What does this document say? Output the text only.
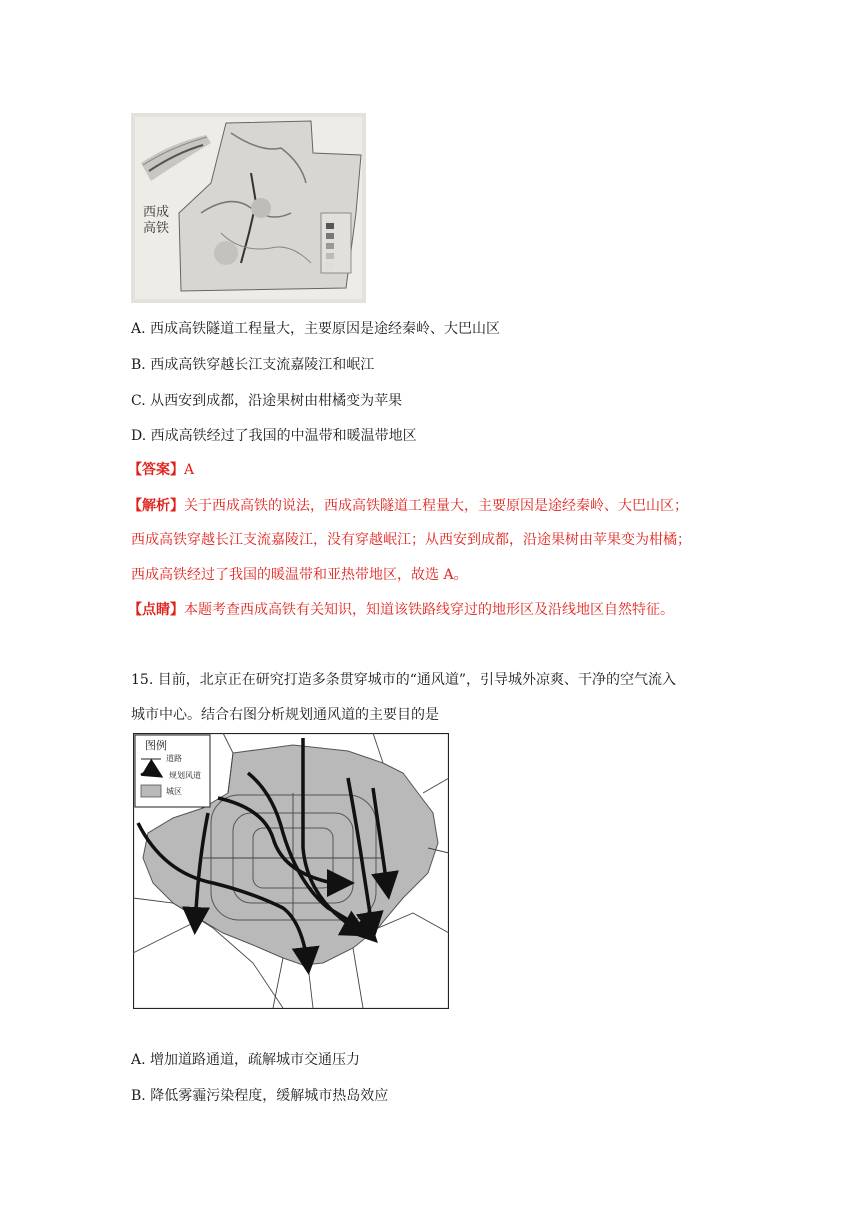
西成
高铁
A. 西成高铁隧道工程量大，主要原因是途经秦岭、大巴山区
B. 西成高铁穿越长江支流嘉陵江和岷江
C. 从西安到成都，沿途果树由柑橘变为苹果
D. 西成高铁经过了我国的中温带和暖温带地区
【答案】A
【解析】关于西成高铁的说法，西成高铁隧道工程量大，主要原因是途经秦岭、大巴山区；
西成高铁穿越长江支流嘉陵江，没有穿越岷江；从西安到成都，沿途果树由苹果变为柑橘；
西成高铁经过了我国的暖温带和亚热带地区，故选 A。
【点睛】本题考查西成高铁有关知识，知道该铁路线穿过的地形区及沿线地区自然特征。
15. 目前，北京正在研究打造多条贯穿城市的“通风道”，引导城外凉爽、干净的空气流入
城市中心。结合右图分析规划通风道的主要目的是
图例
道路
规划风道
城区
A. 增加道路通道，疏解城市交通压力
B. 降低雾霾污染程度，缓解城市热岛效应
